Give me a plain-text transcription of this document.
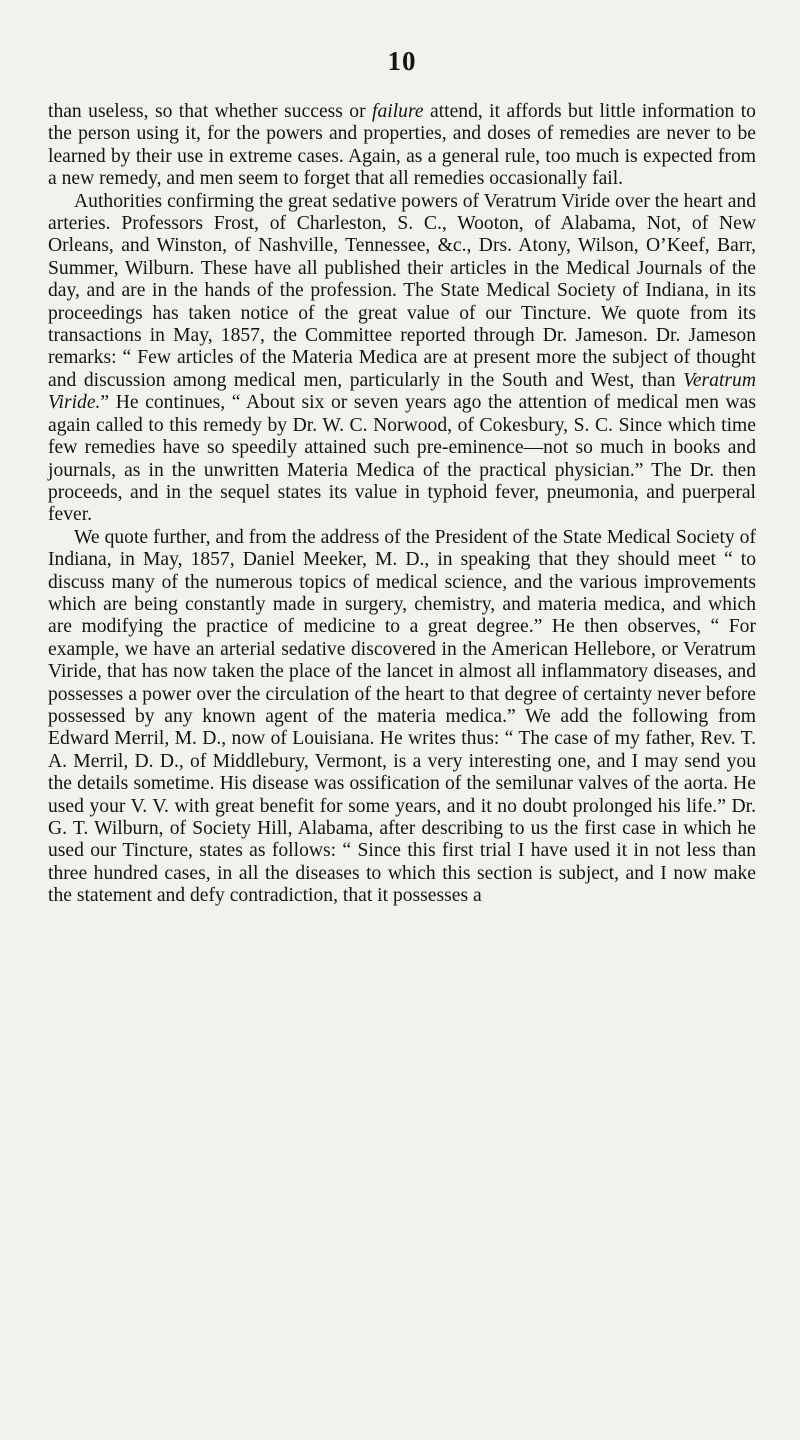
10

than useless, so that whether success or failure attend, it affords but little information to the person using it, for the powers and properties, and doses of remedies are never to be learned by their use in extreme cases. Again, as a general rule, too much is expected from a new remedy, and men seem to forget that all remedies occasionally fail.

Authorities confirming the great sedative powers of Veratrum Viride over the heart and arteries. Professors Frost, of Charleston, S. C., Wooton, of Alabama, Not, of New Orleans, and Winston, of Nashville, Tennessee, &c., Drs. Atony, Wilson, O’Keef, Barr, Summer, Wilburn. These have all published their articles in the Medical Journals of the day, and are in the hands of the profession. The State Medical Society of Indiana, in its proceedings has taken notice of the great value of our Tincture. We quote from its transactions in May, 1857, the Committee reported through Dr. Jameson. Dr. Jameson remarks: “ Few articles of the Materia Medica are at present more the subject of thought and discussion among medical men, particularly in the South and West, than Veratrum Viride.” He continues, “ About six or seven years ago the attention of medical men was again called to this remedy by Dr. W. C. Norwood, of Cokesbury, S. C. Since which time few remedies have so speedily attained such pre-eminence—not so much in books and journals, as in the unwritten Materia Medica of the practical physician.” The Dr. then proceeds, and in the sequel states its value in typhoid fever, pneumonia, and puerperal fever.

We quote further, and from the address of the President of the State Medical Society of Indiana, in May, 1857, Daniel Meeker, M. D., in speaking that they should meet “ to discuss many of the numerous topics of medical science, and the various improvements which are being constantly made in surgery, chemistry, and materia medica, and which are modifying the practice of medicine to a great degree.” He then observes, “ For example, we have an arterial sedative discovered in the American Hellebore, or Veratrum Viride, that has now taken the place of the lancet in almost all inflammatory diseases, and possesses a power over the circulation of the heart to that degree of certainty never before possessed by any known agent of the materia medica.” We add the following from Edward Merril, M. D., now of Louisiana. He writes thus: “ The case of my father, Rev. T. A. Merril, D. D., of Middlebury, Vermont, is a very interesting one, and I may send you the details sometime. His disease was ossification of the semilunar valves of the aorta. He used your V. V. with great benefit for some years, and it no doubt prolonged his life.” Dr. G. T. Wilburn, of Society Hill, Alabama, after describing to us the first case in which he used our Tincture, states as follows: “ Since this first trial I have used it in not less than three hundred cases, in all the diseases to which this section is subject, and I now make the statement and defy contradiction, that it possesses a
